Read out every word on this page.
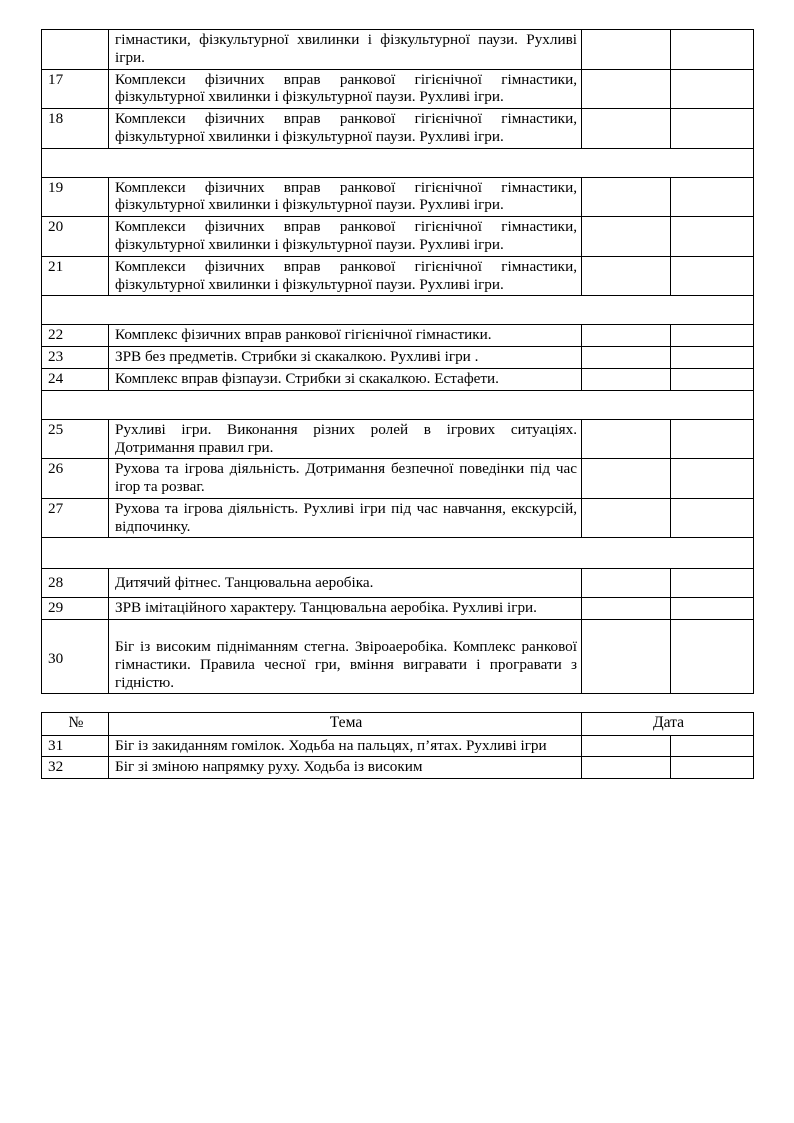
	гімнастики, фізкультурної хвилинки і фізкультурної паузи. Рухливі ігри.		
17	Комплекси фізичних вправ ранкової гігієнічної гімнастики, фізкультурної хвилинки і фізкультурної паузи. Рухливі ігри.		
18	Комплекси фізичних вправ ранкової гігієнічної гімнастики, фізкультурної хвилинки і фізкультурної паузи. Рухливі ігри.		

19	Комплекси фізичних вправ ранкової гігієнічної гімнастики, фізкультурної хвилинки і фізкультурної паузи. Рухливі ігри.		
20	Комплекси фізичних вправ ранкової гігієнічної гімнастики, фізкультурної хвилинки і фізкультурної паузи. Рухливі ігри.		
21	Комплекси фізичних вправ ранкової гігієнічної гімнастики, фізкультурної хвилинки і фізкультурної паузи. Рухливі ігри.		

22	Комплекс фізичних вправ ранкової гігієнічної гімнастики.		
23	ЗРВ без предметів. Стрибки зі скакалкою. Рухливі ігри .		
24	Комплекс вправ фізпаузи. Стрибки зі скакалкою. Естафети.		

25	Рухливі ігри. Виконання різних ролей в ігрових ситуаціях. Дотримання правил гри.		
26	Рухова та ігрова діяльність. Дотримання безпечної поведінки під час ігор та розваг.		
27	Рухова та ігрова діяльність. Рухливі ігри під час навчання, екскурсій, відпочинку.		

28	Дитячий фітнес. Танцювальна аеробіка.		
29	ЗРВ імітаційного характеру. Танцювальна аеробіка. Рухливі ігри.		
30	Біг із високим підніманням стегна. Звіроаеробіка. Комплекс ранкової гімнастики. Правила чесної гри, вміння вигравати і програвати з гідністю.		
№	Тема	Дата	
31	Біг із закиданням гомілок. Ходьба на пальцях, п’ятах. Рухливі ігри		
32	Біг зі зміною напрямку руху. Ходьба із високим		
